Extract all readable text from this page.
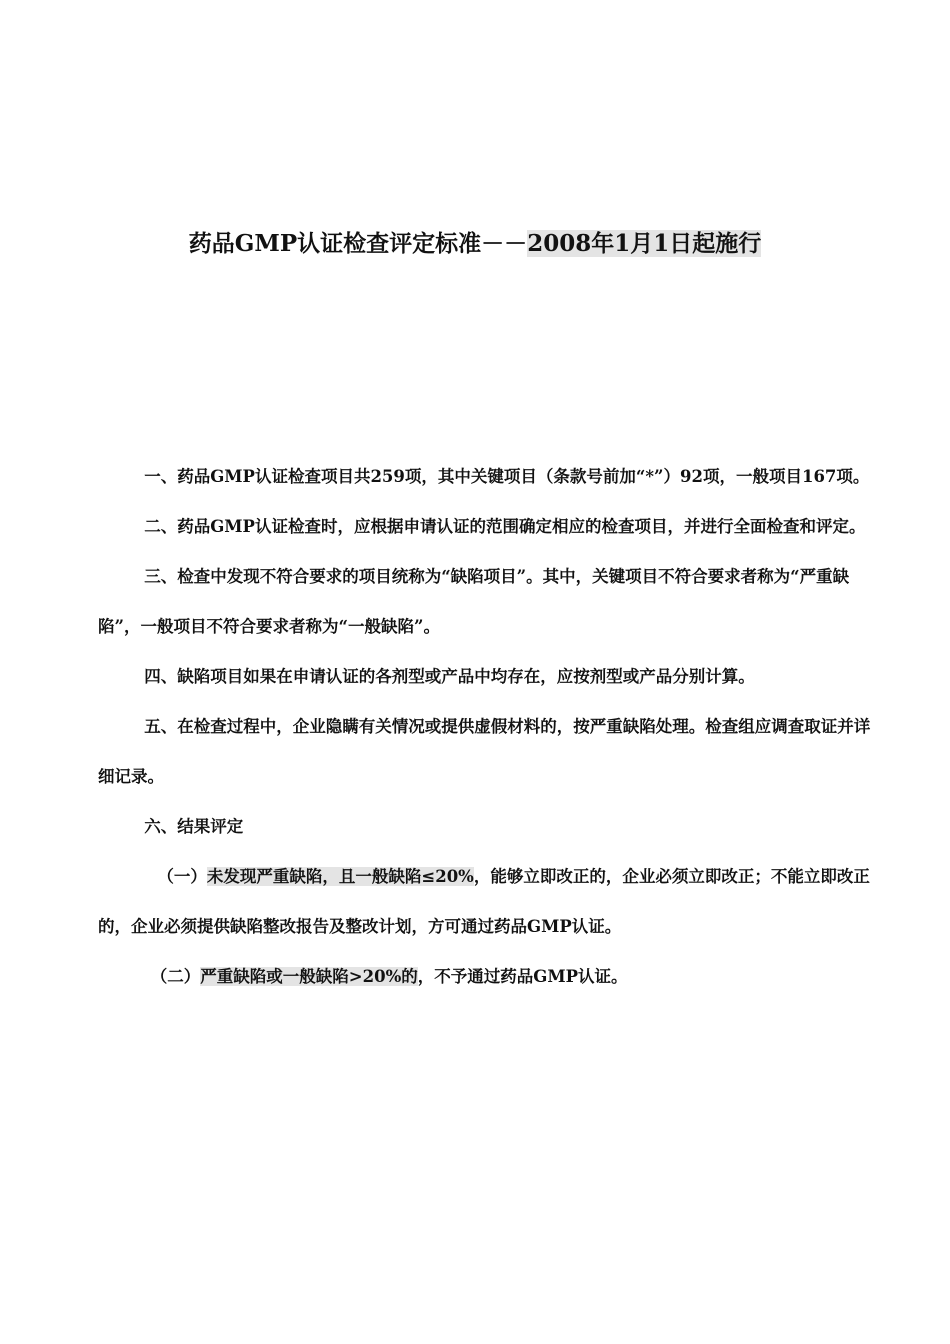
药品GMP认证检查评定标准－－2008年1月1日起施行

一、药品GMP认证检查项目共259项，其中关键项目（条款号前加“*”）92项，一般项目167项。

二、药品GMP认证检查时，应根据申请认证的范围确定相应的检查项目，并进行全面检查和评定。

三、检查中发现不符合要求的项目统称为“缺陷项目”。其中，关键项目不符合要求者称为“严重缺陷”，一般项目不符合要求者称为“一般缺陷”。

四、缺陷项目如果在申请认证的各剂型或产品中均存在，应按剂型或产品分别计算。

五、在检查过程中，企业隐瞒有关情况或提供虚假材料的，按严重缺陷处理。检查组应调查取证并详细记录。

六、结果评定

（一）未发现严重缺陷，且一般缺陷≤20%，能够立即改正的，企业必须立即改正；不能立即改正的，企业必须提供缺陷整改报告及整改计划，方可通过药品GMP认证。

（二）严重缺陷或一般缺陷>20%的，不予通过药品GMP认证。
